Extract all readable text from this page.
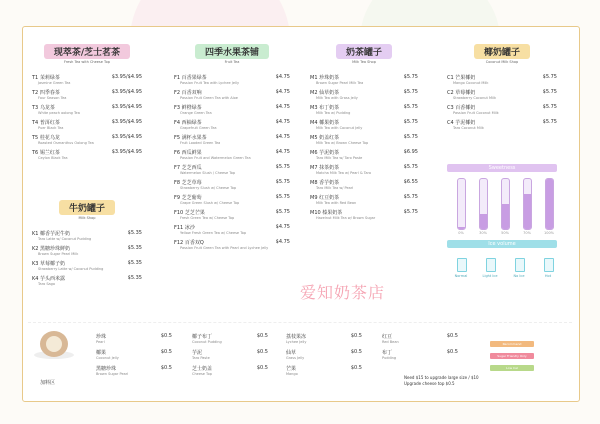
现萃茶/芝士茗茶
Fresh Tea with Cheese Top
T1 茉莉绿茶
Jasmine Green Tea
$3.95/$4.95
T2 四季春茶
Four Season Tea
$3.95/$4.95
T3 乌龙茶
White peach oolong Tea
$3.95/$4.95
T4 普洱红茶
Puer Black Tea
$3.95/$4.95
T5 桂花乌龙
Roasted Osmanthus Oolong Tea
$3.95/$4.95
T6 锡兰红茶
Ceylon Black Tea
$3.95/$4.95
牛奶罐子
Milk Shop
K1 椰香芋泥牛奶
Taro Latte w/ Coconut Pudding
$5.35
K2 黑糖珍珠鲜奶
Brown Sugar Pearl Milk
$5.35
K3 草莓椰子奶
Strawberry Latte w/ Coconut Pudding
$5.35
K4 芋头西米露
Taro Sago
$5.35
四季水果茶铺
Fruit Tea
F1 百香果绿茶
Passion Fruit Tea with Lychee Jelly
$4.75
F2 百香双响
Passion Fruit Green Tea with Aloe
$4.75
F3 鲜橙绿茶
Orange Green Tea
$4.75
F4 西柚绿茶
Grapefruit Green Tea
$4.75
F5 满杯水果茶
Fruit Loaded Green Tea
$4.75
F6 西瓜鲜果
Passion Fruit and Watermelon Green Tea
$4.75
F7 芝芝西瓜
Watermelon Slush / Cheese Top
$5.75
F8 芝芝草莓
Strawberry Slush w/ Cheese Top
$5.75
F9 芝芝葡萄
Grape Green Slush w/ Cheese Top
$5.75
F10 芝芝芒果
Fresh Green Tea w/ Cheese Top
$5.75
F11 冰沙
Yellow Fresh Green Tea w/ Cheese Top
$4.75
F12 百香双Q
Passion Fruit Green Tea with Pearl and Lychee Jelly
$4.75
奶茶罐子
Milk Tea Shop
M1 珍珠奶茶
Brown Sugar Pearl Milk Tea
$5.75
M2 仙草奶茶
Milk Tea with Grass Jelly
$5.75
M3 布丁奶茶
Milk Tea w/ Pudding
$5.75
M4 椰果奶茶
Milk Tea with Coconut Jelly
$5.75
M5 奶盖红茶
Milk Tea w/ Brown Cheese Top
$5.75
M6 芋泥奶茶
Taro Milk Tea w/ Taro Paste
$6.95
M7 抹茶奶茶
Matcha Milk Tea w/ Pearl & Taro
$5.75
M8 香芋奶茶
Taro Milk Tea w/ Pearl
$6.55
M9 红豆奶茶
Milk Tea with Red Bean
$5.75
M10 榛果奶茶
Hazelnut Milk Tea w/ Brown Sugar
$5.75
椰奶罐子
Coconut Milk Shop
C1 芒果椰奶
Mango Coconut Milk
$5.75
C2 草莓椰奶
Strawberry Coconut Milk
$5.75
C3 百香椰奶
Passion Fruit Coconut Milk
$5.75
C4 芋泥椰奶
Taro Coconut Milk
$5.75
Sweetness
0%	30%	50%	70%	100%
Ice volume
Normal	Light Ice	No Ice	Hot
爱知奶茶店
加料区
珍珠
Pearl
$0.5
椰果
Coconut Jelly
$0.5
黑糖珍珠
Brown Sugar Pearl
$0.5
椰子布丁
Coconut Pudding
$0.5
芋泥
Taro Paste
$0.5
芝士奶盖
Cheese Top
$0.5
荔枝果冻
Lychee Jelly
$0.5
仙草
Grass Jelly
$0.5
芒果
Mango
$0.5
红豆
Red Bean
$0.5
布丁
Pudding
$0.5
Need $15 to upgrade large size / $10
Upgrade cheese top $0.5
Recommend
Sugar Friendly Only
Low Cal
